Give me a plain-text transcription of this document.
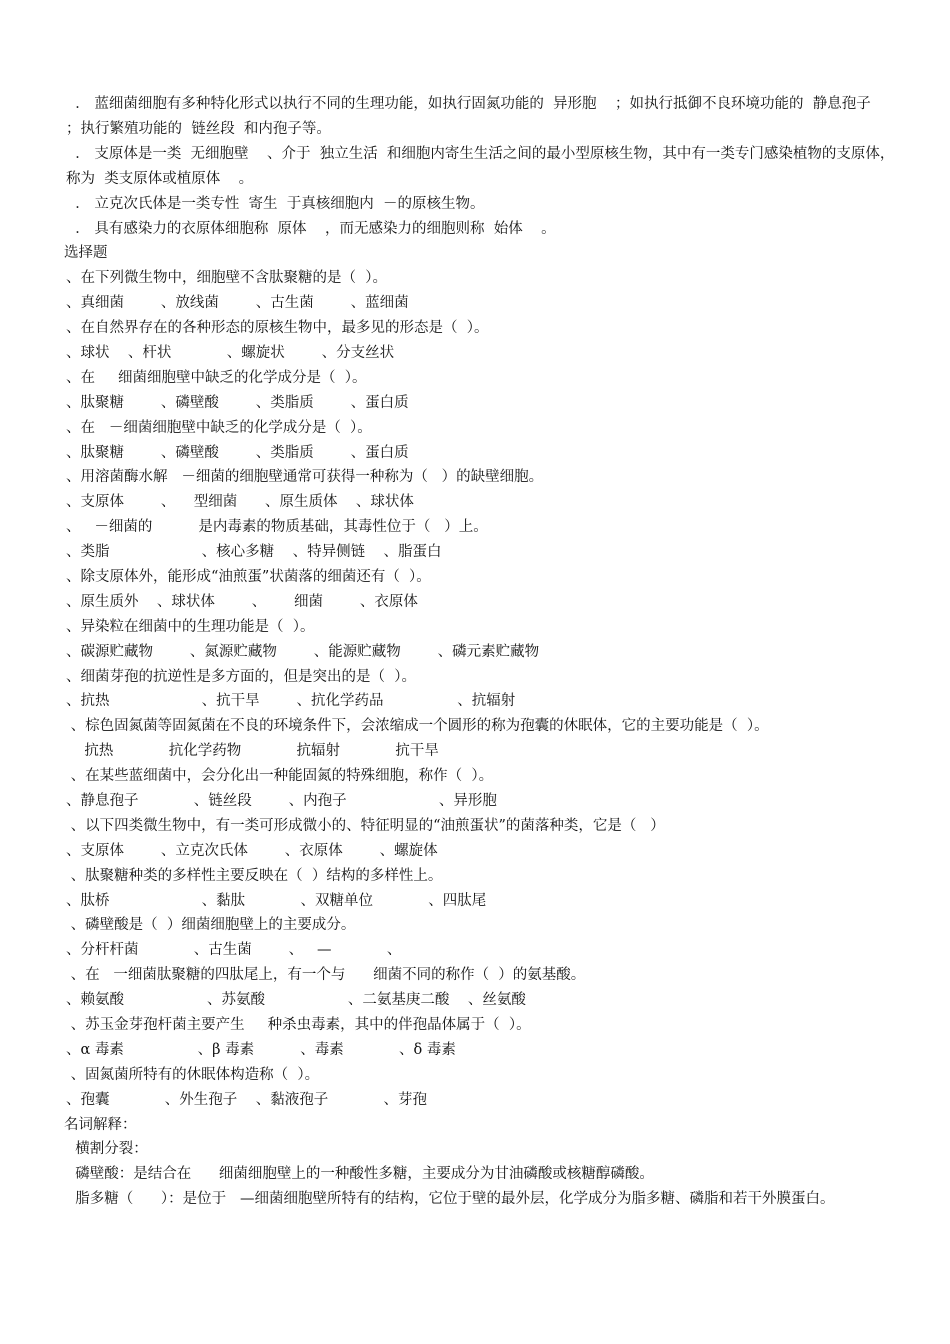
． 蓝细菌细胞有多种特化形式以执行不同的生理功能，如执行固氮功能的  异形胞    ；如执行抵御不良环境功能的  静息孢子    ；执行繁殖功能的  链丝段  和内孢子等。
． 支原体是一类  无细胞壁    、介于  独立生活  和细胞内寄生生活之间的最小型原核生物，其中有一类专门感染植物的支原体，称为  类支原体或植原体    。
． 立克次氏体是一类专性  寄生  于真核细胞内  －的原核生物。
． 具有感染力的衣原体细胞称  原体    ，而无感染力的细胞则称  始体    。
选择题
、在下列微生物中，细胞壁不含肽聚糖的是（  ）。
、真细菌        、放线菌        、古生菌        、蓝细菌
、在自然界存在的各种形态的原核生物中，最多见的形态是（  ）。
、球状    、杆状            、螺旋状        、分支丝状
、在     细菌细胞壁中缺乏的化学成分是（  ）。
、肽聚糖        、磷壁酸        、类脂质        、蛋白质
、在   －细菌细胞壁中缺乏的化学成分是（  ）。
、肽聚糖        、磷壁酸        、类脂质        、蛋白质
、用溶菌酶水解   －细菌的细胞壁通常可获得一种称为（   ）的缺壁细胞。
、支原体        、    型细菌      、原生质体    、球状体
、   －细菌的          是内毒素的物质基础，其毒性位于（   ）上。
、类脂                    、核心多糖    、特异侧链    、脂蛋白
、除支原体外，能形成“油煎蛋”状菌落的细菌还有（  ）。
、原生质外    、球状体        、      细菌        、衣原体
、异染粒在细菌中的生理功能是（  ）。
、碳源贮藏物        、氮源贮藏物        、能源贮藏物        、磷元素贮藏物
、细菌芽孢的抗逆性是多方面的，但是突出的是（  ）。
、抗热                    、抗干旱        、抗化学药品                、抗辐射
、棕色固氮菌等固氮菌在不良的环境条件下，会浓缩成一个圆形的称为孢囊的休眠体，它的主要功能是（  ）。
抗热            抗化学药物            抗辐射            抗干旱
、在某些蓝细菌中，会分化出一种能固氮的特殊细胞，称作（  ）。
、静息孢子            、链丝段        、内孢子                    、异形胞
、以下四类微生物中，有一类可形成微小的、特征明显的“油煎蛋状”的菌落种类，它是（   ）
、支原体        、立克次氏体        、衣原体        、螺旋体
、肽聚糖种类的多样性主要反映在（  ）结构的多样性上。
、肽桥                    、黏肽            、双糖单位            、四肽尾
、磷壁酸是（  ）细菌细胞壁上的主要成分。
、分杆杆菌            、古生菌        、   —            、
、在   一细菌肽聚糖的四肽尾上，有一个与      细菌不同的称作（  ）的氨基酸。
、赖氨酸                  、苏氨酸                  、二氨基庚二酸    、丝氨酸
、苏玉金芽孢杆菌主要产生     种杀虫毒素，其中的伴孢晶体属于（  ）。
、α 毒素                、β 毒素          、毒素            、δ 毒素
、固氮菌所特有的休眠体构造称（  ）。
、孢囊            、外生孢子    、黏液孢子            、芽孢
名词解释：
横割分裂：
磷壁酸：是结合在      细菌细胞壁上的一种酸性多糖，主要成分为甘油磷酸或核糖醇磷酸。
脂多糖（      ）：是位于   —细菌细胞壁所特有的结构，它位于壁的最外层，化学成分为脂多糖、磷脂和若干外膜蛋白。
